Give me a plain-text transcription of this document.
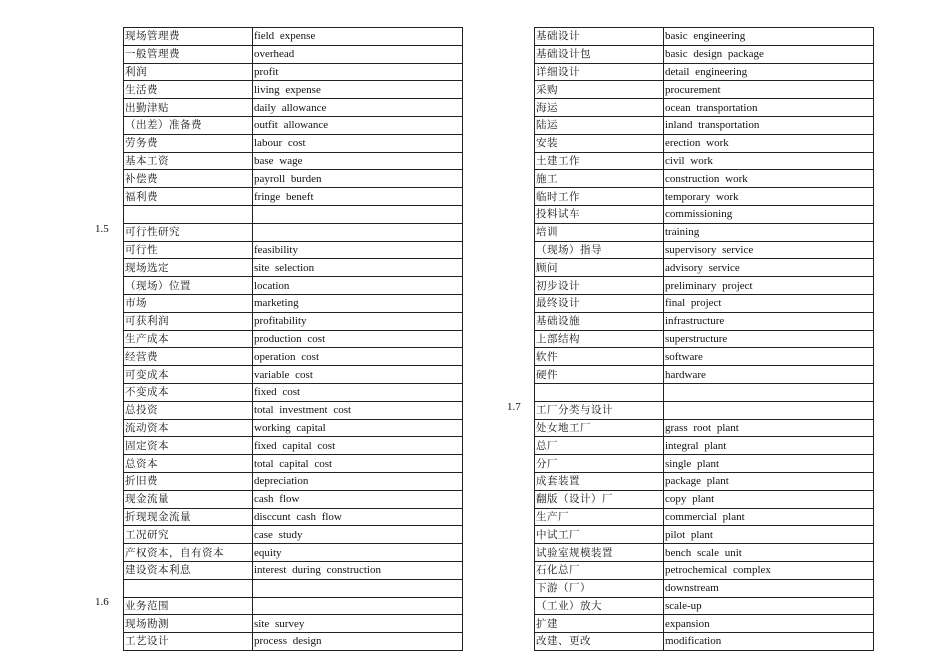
现场管理费	field expense
一般管理费	overhead
利润	profit
生活费	living expense
出勤津贴	daily allowance
（出差）准备费	outfit allowance
劳务费	labour cost
基本工资	base wage
补偿费	payroll burden
福利费	fringe beneft

可行性研究	
可行性	feasibility
现场选定	site selection
（现场）位置	location
市场	marketing
可获利润	profitability
生产成本	production cost
经营费	operation cost
可变成本	variable cost
不变成本	fixed cost
总投资	total investment cost
流动资本	working capital
固定资本	fixed capital cost
总资本	total capital cost
折旧费	depreciation
现金流量	cash flow
折现现金流量	disccunt cash flow
工况研究	case study
产权资本，自有资本	equity
建设资本利息	interest during construction

业务范围	
现场勘测	site survey
工艺设计	process design
基础设计	basic engineering
基础设计包	basic design package
详细设计	detail engineering
采购	procurement
海运	ocean transportation
陆运	inland transportation
安装	erection work
土建工作	civil work
施工	construction work
临时工作	temporary work
投料试车	commissioning
培训	training
（现场）指导	supervisory service
顾问	advisory service
初步设计	preliminary project
最终设计	final project
基础设施	infrastructure
上部结构	superstructure
软件	software
硬件	hardware

工厂分类与设计	
处女地工厂	grass root plant
总厂	integral plant
分厂	single plant
成套装置	package plant
翻版（设计）厂	copy plant
生产厂	commercial plant
中试工厂	pilot plant
试验室规模装置	bench scale unit
石化总厂	petrochemical complex
下游（厂）	downstream
（工业）放大	scale-up
扩建	expansion
改建、更改	modification
1.5
1.6
1.7
